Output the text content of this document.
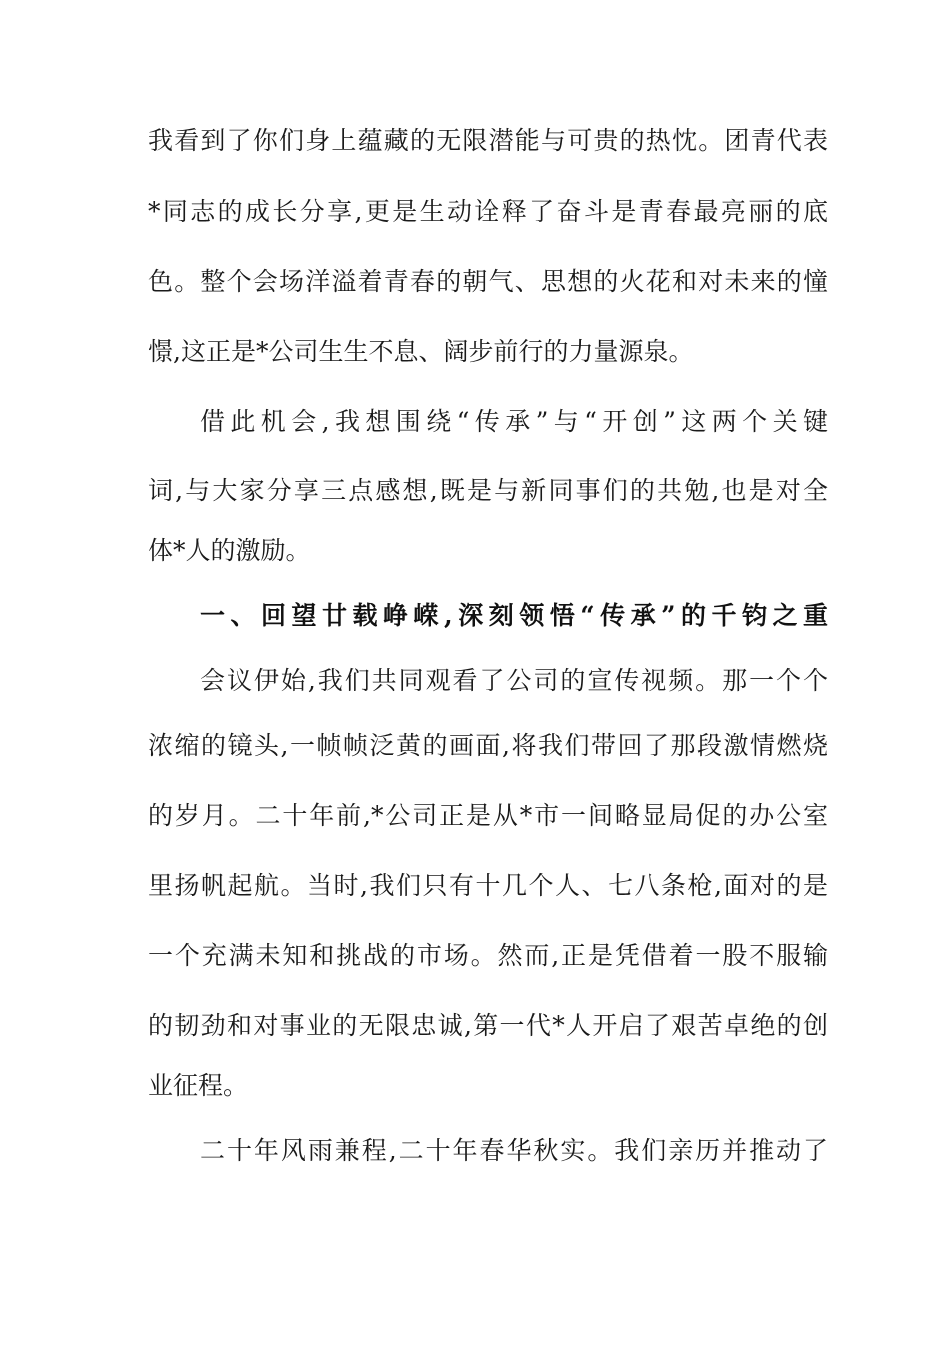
我看到了你们身上蕴藏的无限潜能与可贵的热忱。团青代表
*同志的成长分享,更是生动诠释了奋斗是青春最亮丽的底
色。整个会场洋溢着青春的朝气、思想的火花和对未来的憧
憬,这正是*公司生生不息、阔步前行的力量源泉。
借此机会,我想围绕“传承”与“开创”这两个关键
词,与大家分享三点感想,既是与新同事们的共勉,也是对全
体*人的激励。
一、回望廿载峥嵘,深刻领悟“传承”的千钧之重
会议伊始,我们共同观看了公司的宣传视频。那一个个
浓缩的镜头,一帧帧泛黄的画面,将我们带回了那段激情燃烧
的岁月。二十年前,*公司正是从*市一间略显局促的办公室
里扬帆起航。当时,我们只有十几个人、七八条枪,面对的是
一个充满未知和挑战的市场。然而,正是凭借着一股不服输
的韧劲和对事业的无限忠诚,第一代*人开启了艰苦卓绝的创
业征程。
二十年风雨兼程,二十年春华秋实。我们亲历并推动了
